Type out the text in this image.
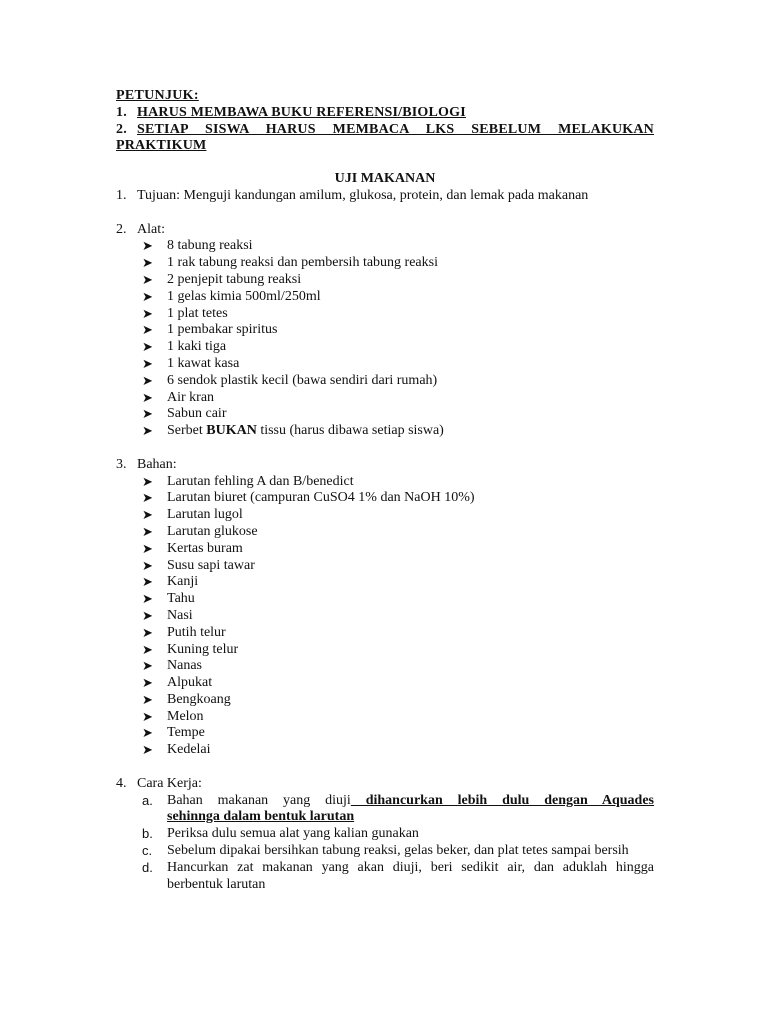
PETUNJUK:
1. HARUS MEMBAWA BUKU REFERENSI/BIOLOGI
2. SETIAP SISWA HARUS MEMBACA LKS SEBELUM MELAKUKAN
PRAKTIKUM
UJI MAKANAN
1. Tujuan: Menguji kandungan amilum, glukosa, protein, dan lemak pada makanan
2. Alat:
➤ 8 tabung reaksi
➤ 1 rak tabung reaksi dan pembersih tabung reaksi
➤ 2 penjepit tabung reaksi
➤ 1 gelas kimia 500ml/250ml
➤ 1 plat tetes
➤ 1 pembakar spiritus
➤ 1 kaki tiga
➤ 1 kawat kasa
➤ 6 sendok plastik kecil (bawa sendiri dari rumah)
➤ Air kran
➤ Sabun cair
➤ Serbet BUKAN tissu (harus dibawa setiap siswa)
3. Bahan:
➤ Larutan fehling A dan B/benedict
➤ Larutan biuret (campuran CuSO4 1% dan NaOH 10%)
➤ Larutan lugol
➤ Larutan glukose
➤ Kertas buram
➤ Susu sapi tawar
➤ Kanji
➤ Tahu
➤ Nasi
➤ Putih telur
➤ Kuning telur
➤ Nanas
➤ Alpukat
➤ Bengkoang
➤ Melon
➤ Tempe
➤ Kedelai
4. Cara Kerja:
a. Bahan makanan yang diuji dihancurkan lebih dulu dengan Aquades
sehinnga dalam bentuk larutan
b. Periksa dulu semua alat yang kalian gunakan
c. Sebelum dipakai bersihkan tabung reaksi, gelas beker, dan plat tetes sampai bersih
d. Hancurkan zat makanan yang akan diuji, beri sedikit air, dan aduklah hingga berbentuk larutan
